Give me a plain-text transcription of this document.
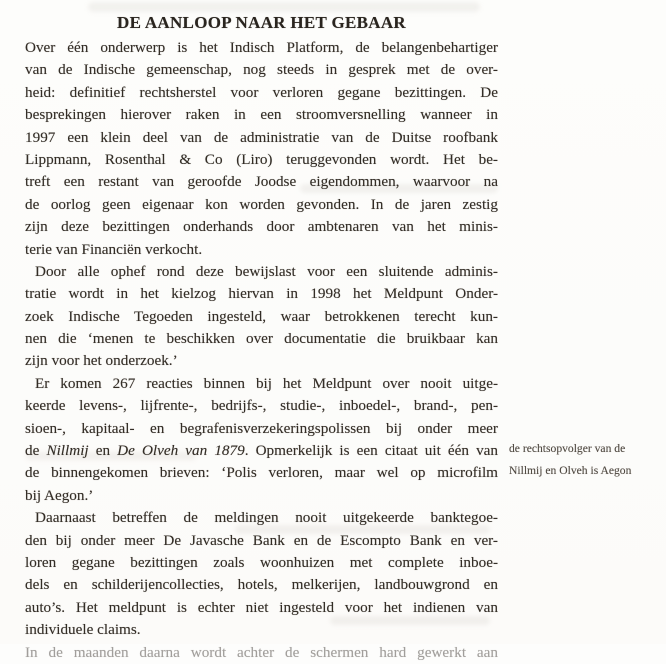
DE AANLOOP NAAR HET GEBAAR
Over één onderwerp is het Indisch Platform, de belangenbehartiger
van de Indische gemeenschap, nog steeds in gesprek met de over-
heid: definitief rechtsherstel voor verloren gegane bezittingen. De
besprekingen hierover raken in een stroomversnelling wanneer in
1997 een klein deel van de administratie van de Duitse roofbank
Lippmann, Rosenthal & Co (Liro) teruggevonden wordt. Het be-
treft een restant van geroofde Joodse eigendommen, waarvoor na
de oorlog geen eigenaar kon worden gevonden. In de jaren zestig
zijn deze bezittingen onderhands door ambtenaren van het minis-
terie van Financiën verkocht.
Door alle ophef rond deze bewijslast voor een sluitende adminis-
tratie wordt in het kielzog hiervan in 1998 het Meldpunt Onder-
zoek Indische Tegoeden ingesteld, waar betrokkenen terecht kun-
nen die ‘menen te beschikken over documentatie die bruikbaar kan
zijn voor het onderzoek.’
Er komen 267 reacties binnen bij het Meldpunt over nooit uitge-
keerde levens-, lijfrente-, bedrijfs-, studie-, inboedel-, brand-, pen-
sioen-, kapitaal- en begrafenisverzekeringspolissen bij onder meer
de Nillmij en De Olveh van 1879. Opmerkelijk is een citaat uit één van
de binnengekomen brieven: ‘Polis verloren, maar wel op microfilm
bij Aegon.’
Daarnaast betreffen de meldingen nooit uitgekeerde banktegoe-
den bij onder meer De Javasche Bank en de Escompto Bank en ver-
loren gegane bezittingen zoals woonhuizen met complete inboe-
dels en schilderijencollecties, hotels, melkerijen, landbouwgrond en
auto’s. Het meldpunt is echter niet ingesteld voor het indienen van
individuele claims.
In de maanden daarna wordt achter de schermen hard gewerkt aan
de rechtsopvolger van de
Nillmij en Olveh is Aegon
